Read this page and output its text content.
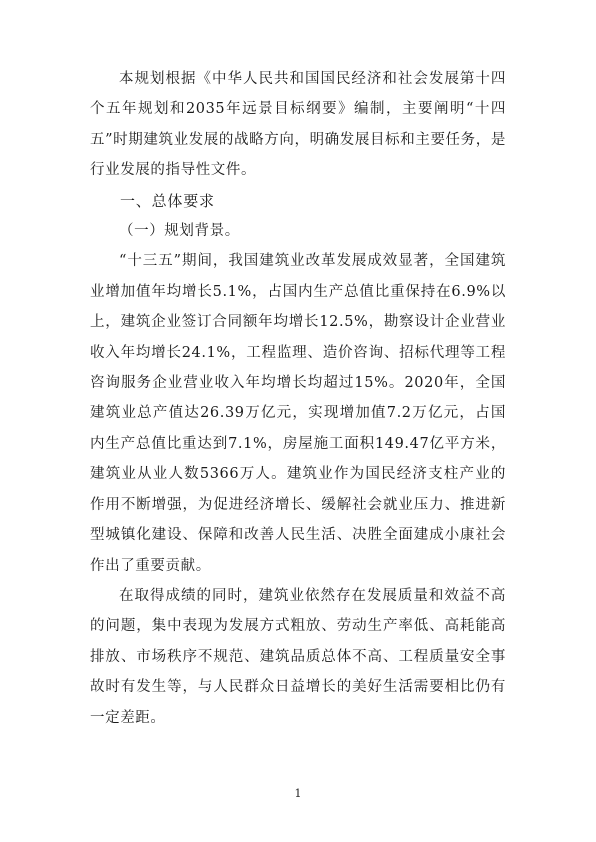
本规划根据《中华人民共和国国民经济和社会发展第十四个五年规划和2035年远景目标纲要》编制，主要阐明“十四五”时期建筑业发展的战略方向，明确发展目标和主要任务，是行业发展的指导性文件。

一、总体要求

（一）规划背景。

“十三五”期间，我国建筑业改革发展成效显著，全国建筑业增加值年均增长5.1%，占国内生产总值比重保持在6.9%以上，建筑企业签订合同额年均增长12.5%，勘察设计企业营业收入年均增长24.1%，工程监理、造价咨询、招标代理等工程咨询服务企业营业收入年均增长均超过15%。2020年，全国建筑业总产值达26.39万亿元，实现增加值7.2万亿元，占国内生产总值比重达到7.1%，房屋施工面积149.47亿平方米，建筑业从业人数5366万人。建筑业作为国民经济支柱产业的作用不断增强，为促进经济增长、缓解社会就业压力、推进新型城镇化建设、保障和改善人民生活、决胜全面建成小康社会作出了重要贡献。

在取得成绩的同时，建筑业依然存在发展质量和效益不高的问题，集中表现为发展方式粗放、劳动生产率低、高耗能高排放、市场秩序不规范、建筑品质总体不高、工程质量安全事故时有发生等，与人民群众日益增长的美好生活需要相比仍有一定差距。

1
